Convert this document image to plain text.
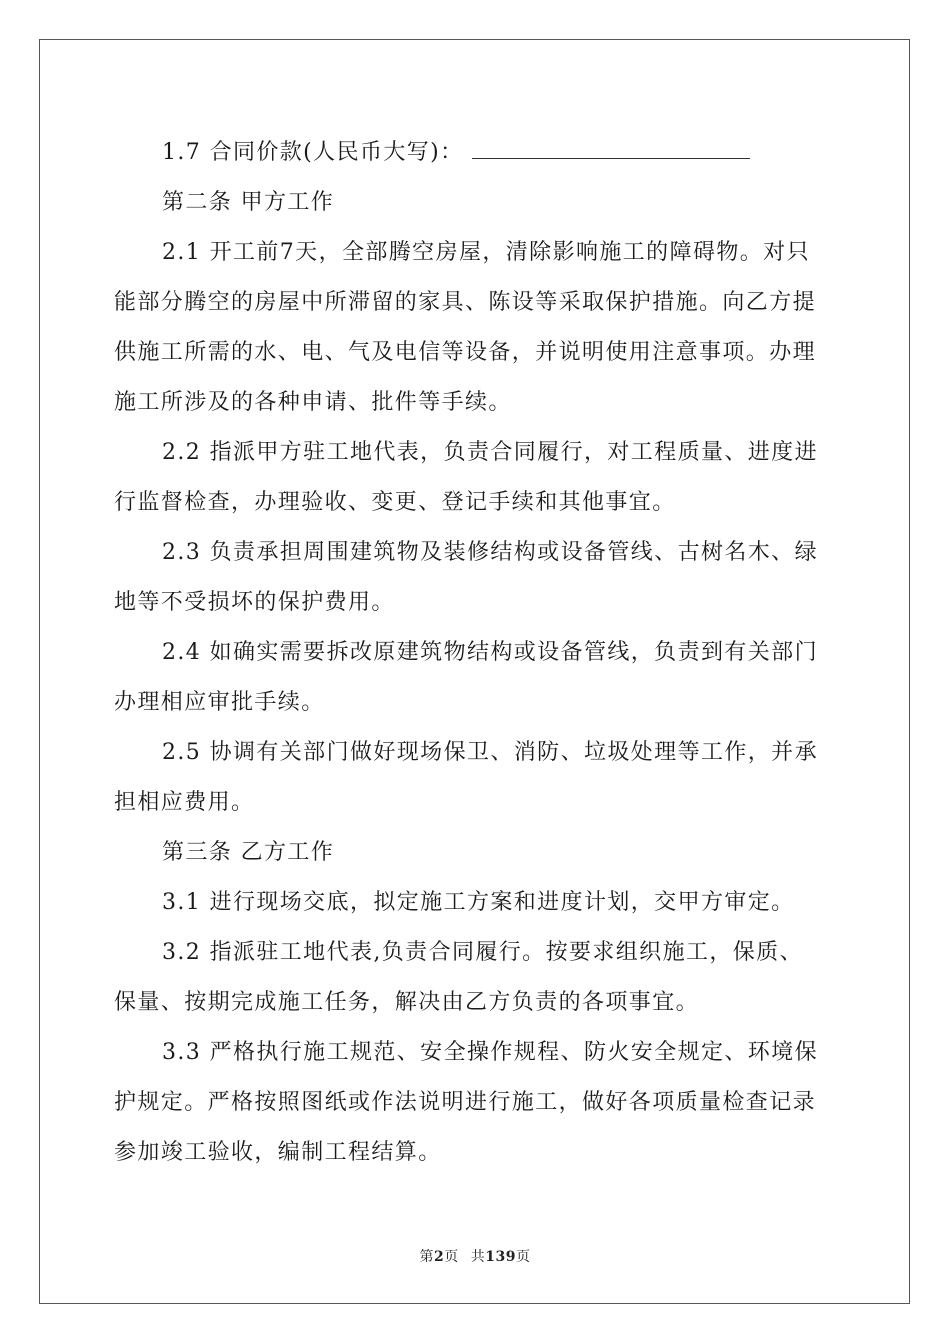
1.7 合同价款(人民币大写)：
第二条 甲方工作
2.1 开工前7天，全部腾空房屋，清除影响施工的障碍物。对只
能部分腾空的房屋中所滞留的家具、陈设等采取保护措施。向乙方提
供施工所需的水、电、气及电信等设备，并说明使用注意事项。办理
施工所涉及的各种申请、批件等手续。
2.2 指派甲方驻工地代表，负责合同履行，对工程质量、进度进
行监督检查，办理验收、变更、登记手续和其他事宜。
2.3 负责承担周围建筑物及装修结构或设备管线、古树名木、绿
地等不受损坏的保护费用。
2.4 如确实需要拆改原建筑物结构或设备管线，负责到有关部门
办理相应审批手续。
2.5 协调有关部门做好现场保卫、消防、垃圾处理等工作，并承
担相应费用。
第三条 乙方工作
3.1 进行现场交底，拟定施工方案和进度计划，交甲方审定。
3.2 指派驻工地代表,负责合同履行。按要求组织施工，保质、
保量、按期完成施工任务，解决由乙方负责的各项事宜。
3.3 严格执行施工规范、安全操作规程、防火安全规定、环境保
护规定。严格按照图纸或作法说明进行施工，做好各项质量检查记录
参加竣工验收，编制工程结算。
第2页 共139页
